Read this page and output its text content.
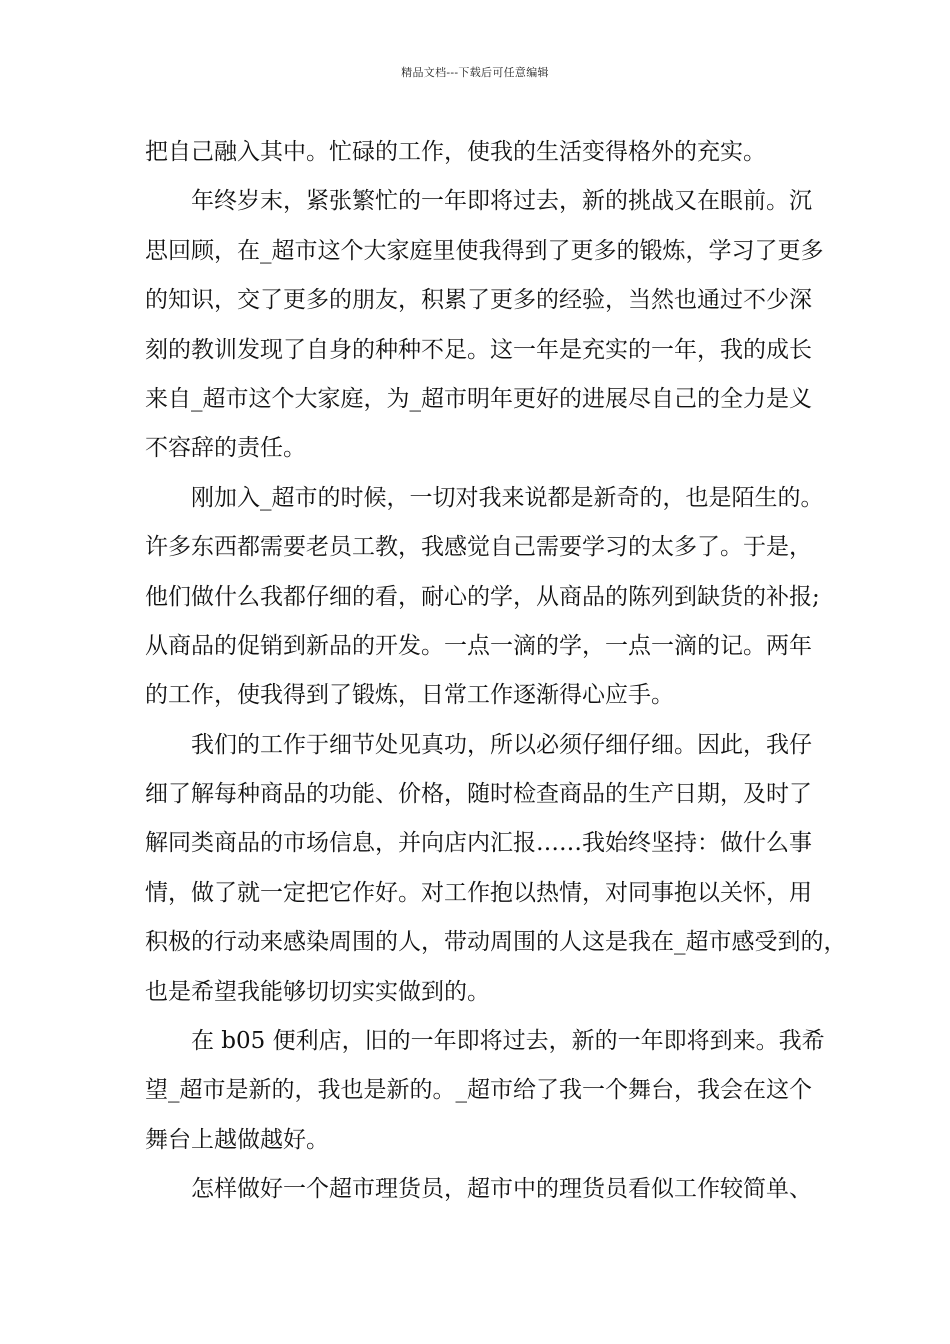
精品文档---下载后可任意编辑
把自己融入其中。忙碌的工作，使我的生活变得格外的充实。
年终岁末，紧张繁忙的一年即将过去，新的挑战又在眼前。沉
思回顾，在_超市这个大家庭里使我得到了更多的锻炼，学习了更多
的知识，交了更多的朋友，积累了更多的经验，当然也通过不少深
刻的教训发现了自身的种种不足。这一年是充实的一年，我的成长
来自_超市这个大家庭，为_超市明年更好的进展尽自己的全力是义
不容辞的责任。
刚加入_超市的时候，一切对我来说都是新奇的，也是陌生的。
许多东西都需要老员工教，我感觉自己需要学习的太多了。于是，
他们做什么我都仔细的看，耐心的学，从商品的陈列到缺货的补报;
从商品的促销到新品的开发。一点一滴的学，一点一滴的记。两年
的工作，使我得到了锻炼，日常工作逐渐得心应手。
我们的工作于细节处见真功，所以必须仔细仔细。因此，我仔
细了解每种商品的功能、价格，随时检查商品的生产日期，及时了
解同类商品的市场信息，并向店内汇报……我始终坚持：做什么事
情，做了就一定把它作好。对工作抱以热情，对同事抱以关怀，用
积极的行动来感染周围的人，带动周围的人这是我在_超市感受到的，
也是希望我能够切切实实做到的。
在 b05 便利店，旧的一年即将过去，新的一年即将到来。我希
望_超市是新的，我也是新的。_超市给了我一个舞台，我会在这个
舞台上越做越好。
怎样做好一个超市理货员，超市中的理货员看似工作较简单、
